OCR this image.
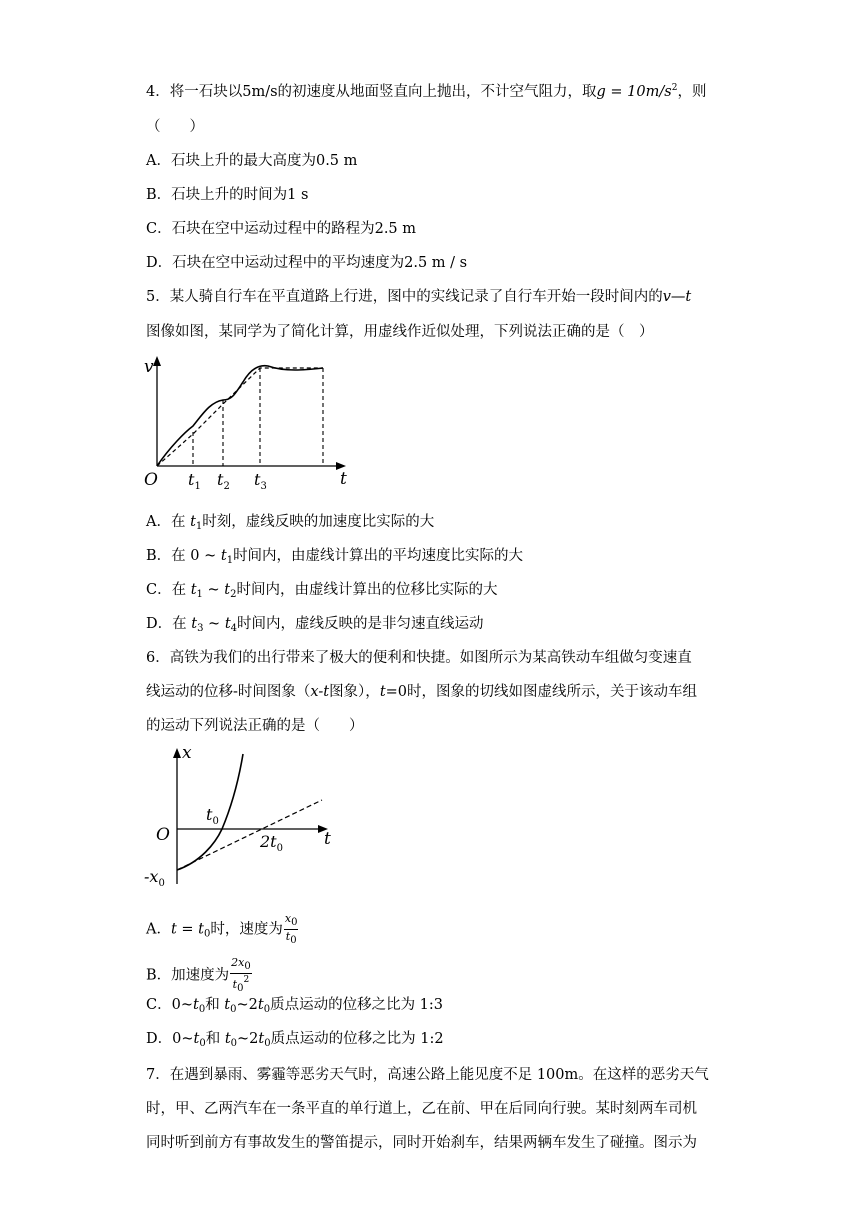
4．将一石块以5m/s的初速度从地面竖直向上抛出，不计空气阻力，取$g = 10m/s^2$，则
（　　）
A．石块上升的最大高度为0.5 m
B．石块上升的时间为1 s
C．石块在空中运动过程中的路程为2.5 m
D．石块在空中运动过程中的平均速度为2.5 m / s
5．某人骑自行车在平直道路上行进，图中的实线记录了自行车开始一段时间内的v—t
图像如图，某同学为了简化计算，用虚线作近似处理，下列说法正确的是（　）
v
t
O $t_1$ $t_2$ $t_3$
A．在 $t_1$时刻，虚线反映的加速度比实际的大
B．在 0 ~ $t_1$时间内，由虚线计算出的平均速度比实际的大
C．在 $t_1$ ~ $t_2$时间内，由虚线计算出的位移比实际的大
D．在 $t_3$ ~ $t_4$时间内，虚线反映的是非匀速直线运动
6．高铁为我们的出行带来了极大的便利和快捷。如图所示为某高铁动车组做匀变速直
线运动的位移-时间图象（x-t图象），t=0时，图象的切线如图虚线所示，关于该动车组
的运动下列说法正确的是（　　）
x
t
O
$t_0$
$2t_0$
$-x_0$
A．$t = t_0$时，速度为 $\frac{x0}{t0}$
B．加速度为 $\frac{2x0}{t0^2}$
C．$0\sim t_0$和 $t_0\sim 2t_0$质点运动的位移之比为 1:3
D．$0\sim t_0$和 $t_0\sim 2t_0$质点运动的位移之比为 1:2
7．在遇到暴雨、雾霾等恶劣天气时，高速公路上能见度不足 100m。在这样的恶劣天气
时，甲、乙两汽车在一条平直的单行道上，乙在前、甲在后同向行驶。某时刻两车司机
同时听到前方有事故发生的警笛提示，同时开始刹车，结果两辆车发生了碰撞。图示为
